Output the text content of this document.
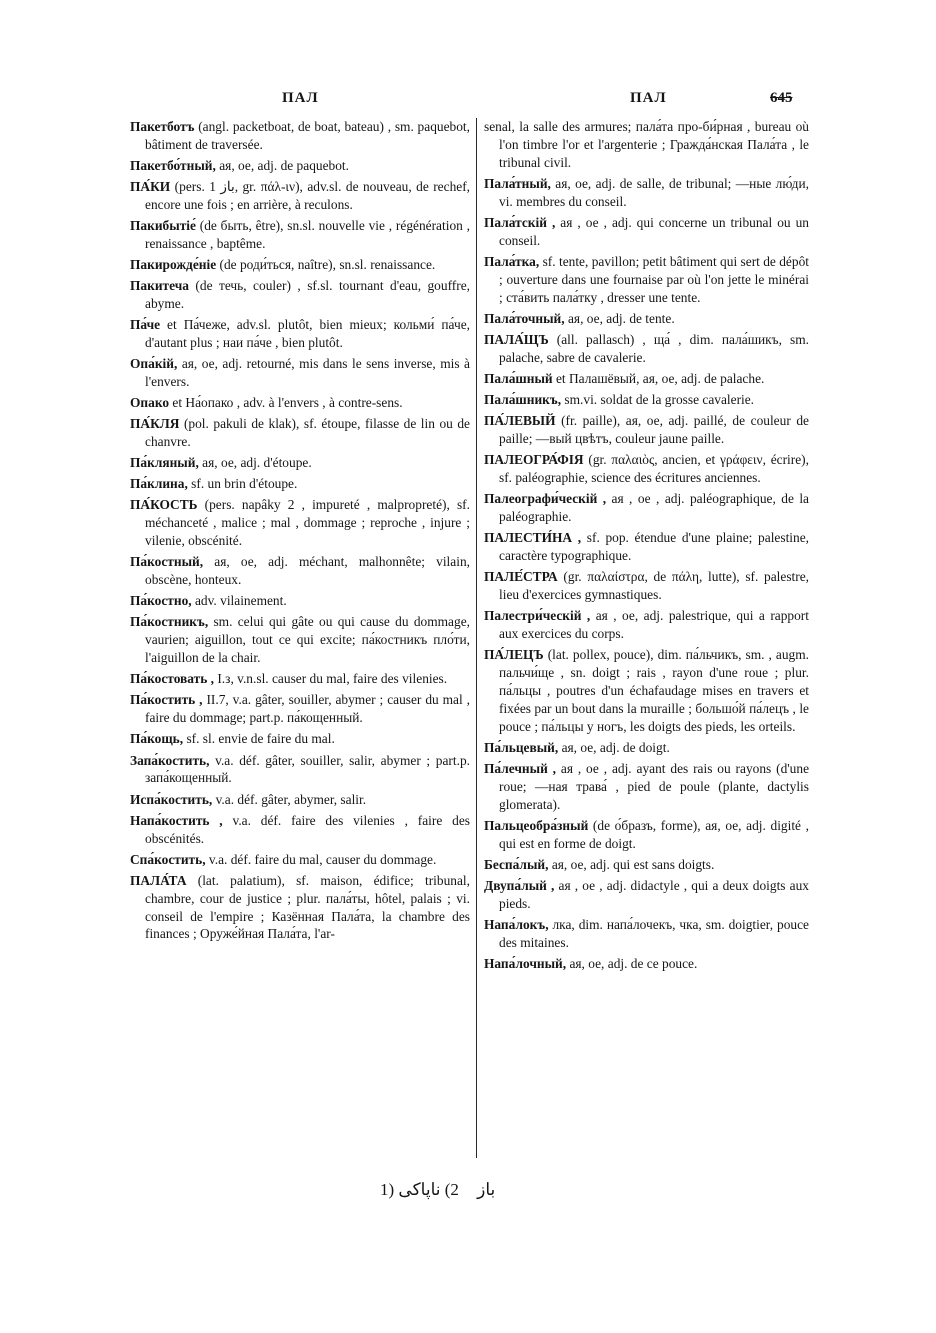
ПАЛ	ПАЛ	645
Пакетботъ (angl. packetboat, de boat, bateau) , sm. paquebot, bâtiment de traversée.
Пакетбо́тный, ая, ое, adj. de paquebot.
ПА́КИ (pers. باز 1, gr. πάλ-ιν), adv.sl. de nouveau, de rechef, encore une fois ; en arrière, à reculons.
Пакибытіе́ (de быть, être), sn.sl. nouvelle vie , régénération , renaissance , baptême.
Пакирожде́ніе (de роди́ться, naître), sn.sl. renaissance.
Пакитеча (de течь, couler) , sf.sl. tournant d'eau, gouffre, abyme.
Па́че et Па́чеже, adv.sl. plutôt, bien mieux; кольми́ па́че, d'autant plus ; наи па́че , bien plutôt.
Опа́кій, ая, ое, adj. retourné, mis dans le sens inverse, mis à l'envers.
Опако et На́опако , adv. à l'envers , à contre-sens.
ПА́КЛЯ (pol. pakuli de klak), sf. étoupe, filasse de lin ou de chanvre.
Па́кляный, ая, ое, adj. d'étoupe.
Па́клина, sf. un brin d'étoupe.
ПА́КОСТЬ (pers. napâky 2 , impureté , malpropreté), sf. méchanceté , malice ; mal , dommage ; reproche , injure ; vilenie, obscénité.
Па́костный, ая, ое, adj. méchant, malhonnête; vilain, obscène, honteux.
Па́костно, adv. vilainement.
Па́костникъ, sm. celui qui gâte ou qui cause du dommage, vaurien; aiguillon, tout ce qui excite; па́костникъ пло́ти, l'aiguillon de la chair.
Па́костовать , I.з, v.n.sl. causer du mal, faire des vilenies.
Па́костить , II.7, v.a. gâter, souiller, abymer ; causer du mal , faire du dommage; part.p. па́кощенный.
Па́кощь, sf. sl. envie de faire du mal.
Запа́костить, v.a. déf. gâter, souiller, salir, abymer ; part.p. запа́кощенный.
Испа́костить, v.a. déf. gâter, abymer, salir.
Напа́костить , v.a. déf. faire des vilenies , faire des obscénités.
Спа́костить, v.a. déf. faire du mal, causer du dommage.
ПАЛА́ТА (lat. palatium), sf. maison, édifice; tribunal, chambre, cour de justice ; plur. пала́ты, hôtel, palais ; vi. conseil de l'empire ; Казённая Пала́та, la chambre des finances ; Оруже́йная Пала́та, l'ar-
senal, la salle des armures; пала́та про-би́рная , bureau où l'on timbre l'or et l'argenterie ; Гражда́нская Пала́та , le tribunal civil.
Пала́тный, ая, ое, adj. de salle, de tribunal; —ные лю́ди, vi. membres du conseil.
Пала́тскій , ая , ое , adj. qui concerne un tribunal ou un conseil.
Пала́тка, sf. tente, pavillon; petit bâtiment qui sert de dépôt ; ouverture dans une fournaise par où l'on jette le minérai ; ста́вить пала́тку , dresser une tente.
Пала́точный, ая, ое, adj. de tente.
ПАЛА́ЩЪ (all. pallasch) , ща́ , dim. пала́шикъ, sm. palache, sabre de cavalerie.
Пала́шный et Палашёвый, ая, ое, adj. de palache.
Пала́шникъ, sm.vi. soldat de la grosse cavalerie.
ПА́ЛЕВЫЙ (fr. paille), ая, ое, adj. paillé, de couleur de paille; —вый цвѣтъ, couleur jaune paille.
ПАЛЕОГРА́ФІЯ (gr. παλαιὸς, ancien, et γράφειν, écrire), sf. paléographie, science des écritures anciennes.
Палеографи́ческій , ая , ое , adj. paléographique, de la paléographie.
ПАЛЕСТИ́НА , sf. pop. étendue d'une plaine; palestine, caractère typographique.
ПАЛЕ́СТРА (gr. παλαίστρα, de πάλη, lutte), sf. palestre, lieu d'exercices gymnastiques.
Палестри́ческій , ая , ое, adj. palestrique, qui a rapport aux exercices du corps.
ПА́ЛЕЦЪ (lat. pollex, pouce), dim. па́льчикъ, sm. , augm. пальчи́ще , sn. doigt ; rais , rayon d'une roue ; plur. па́льцы , poutres d'un échafaudage mises en travers et fixées par un bout dans la muraille ; большо́й па́лецъ , le pouce ; па́льцы у ногъ, les doigts des pieds, les orteils.
Па́льцевый, ая, ое, adj. de doigt.
Па́лечный , ая , ое , adj. ayant des rais ou rayons (d'une roue; —ная трава́ , pied de poule (plante, dactylis glomerata).
Пальцеобра́зный (de о́бразъ, forme), ая, ое, adj. digité , qui est en forme de doigt.
Беспа́лый, ая, ое, adj. qui est sans doigts.
Двупа́лый , ая , ое , adj. didactyle , qui a deux doigts aux pieds.
Напа́локъ, лка, dim. напа́лочекъ, чка, sm. doigtier, pouce des mitaines.
Напа́лочный, ая, ое, adj. de ce pouce.
1) باز 2) ناپاکی
